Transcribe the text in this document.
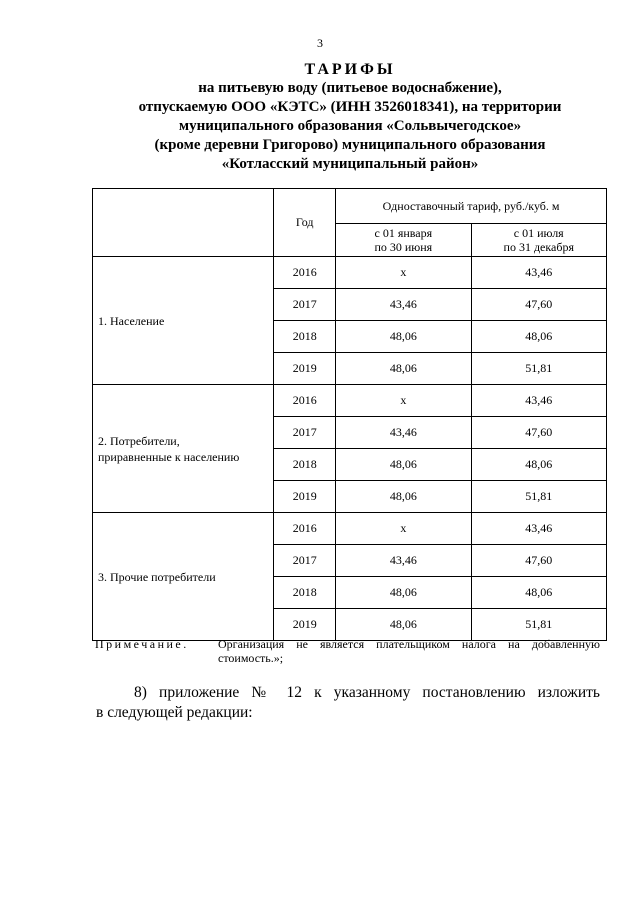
3
ТАРИФЫ
на питьевую воду (питьевое водоснабжение),
отпускаемую ООО «КЭТС» (ИНН 3526018341), на территории
муниципального образования «Сольвычегодское»
(кроме деревни Григорово) муниципального образования
«Котласский муниципальный район»
	Год	Одноставочный тариф, руб./куб. м	
		с 01 января
по 30 июня	с 01 июля
по 31 декабря
1. Население	2016	х	43,46
	2017	43,46	47,60
	2018	48,06	48,06
	2019	48,06	51,81
2. Потребители,
приравненные к населению	2016	х	43,46
	2017	43,46	47,60
	2018	48,06	48,06
	2019	48,06	51,81
3. Прочие потребители	2016	х	43,46
	2017	43,46	47,60
	2018	48,06	48,06
	2019	48,06	51,81
Примечание. Организация не является плательщиком налога на добавленную стоимость.»;
8) приложение № 12 к указанному постановлению изложить
в следующей редакции:
